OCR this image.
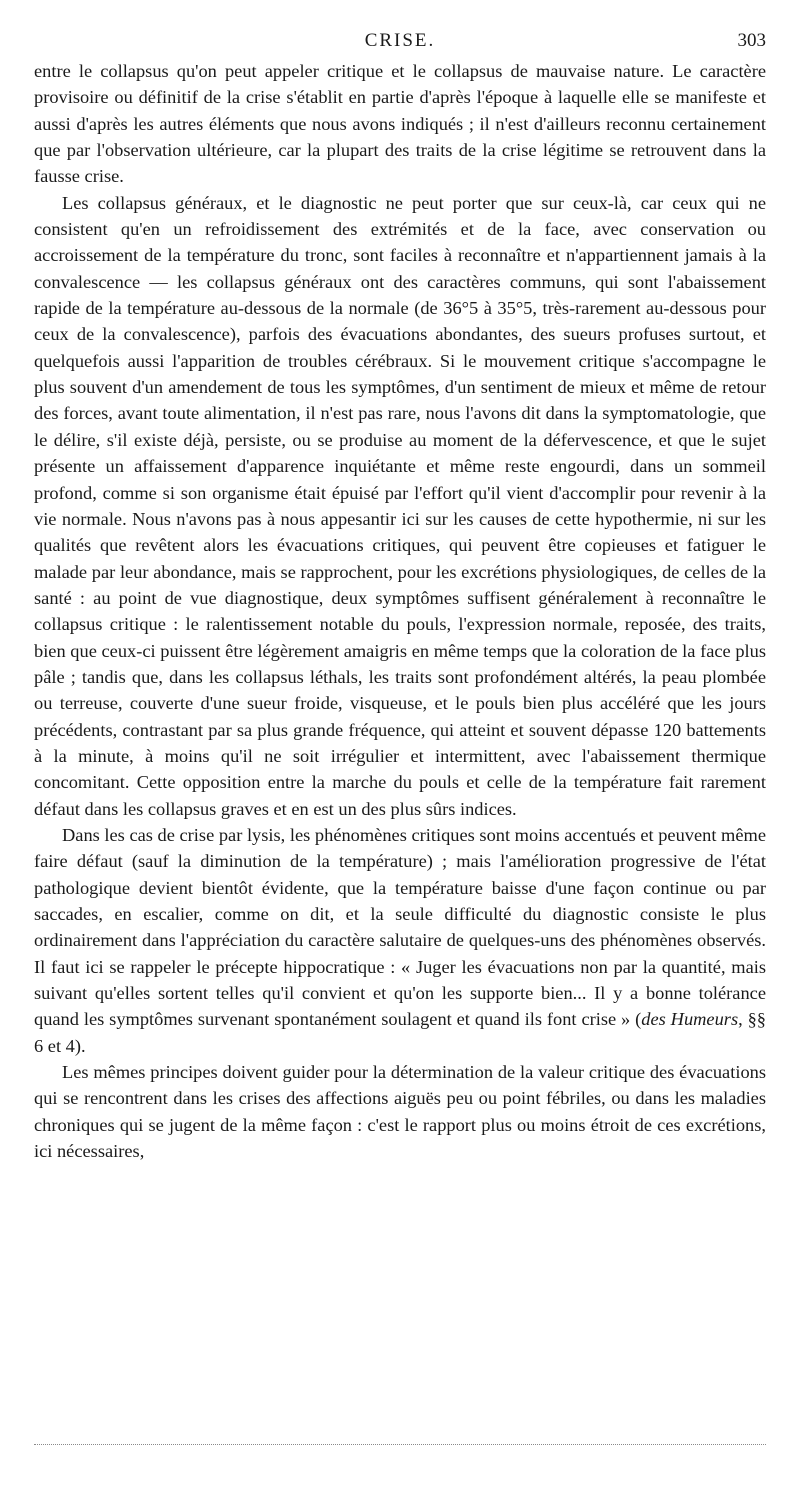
CRISE.	303

entre le collapsus qu'on peut appeler critique et le collapsus de mauvaise nature. Le caractère provisoire ou définitif de la crise s'établit en partie d'après l'époque à laquelle elle se manifeste et aussi d'après les autres éléments que nous avons indiqués ; il n'est d'ailleurs reconnu certainement que par l'observation ultérieure, car la plupart des traits de la crise légitime se retrouvent dans la fausse crise.

Les collapsus généraux, et le diagnostic ne peut porter que sur ceux-là, car ceux qui ne consistent qu'en un refroidissement des extrémités et de la face, avec conservation ou accroissement de la température du tronc, sont faciles à reconnaître et n'appartiennent jamais à la convalescence — les collapsus généraux ont des caractères communs, qui sont l'abaissement rapide de la température au-dessous de la normale (de 36°5 à 35°5, très-rarement au-dessous pour ceux de la convalescence), parfois des évacuations abondantes, des sueurs profuses surtout, et quelquefois aussi l'apparition de troubles cérébraux. Si le mouvement critique s'accompagne le plus souvent d'un amendement de tous les symptômes, d'un sentiment de mieux et même de retour des forces, avant toute alimentation, il n'est pas rare, nous l'avons dit dans la symptomatologie, que le délire, s'il existe déjà, persiste, ou se produise au moment de la défervescence, et que le sujet présente un affaissement d'apparence inquiétante et même reste engourdi, dans un sommeil profond, comme si son organisme était épuisé par l'effort qu'il vient d'accomplir pour revenir à la vie normale. Nous n'avons pas à nous appesantir ici sur les causes de cette hypothermie, ni sur les qualités que revêtent alors les évacuations critiques, qui peuvent être copieuses et fatiguer le malade par leur abondance, mais se rapprochent, pour les excrétions physiologiques, de celles de la santé : au point de vue diagnostique, deux symptômes suffisent généralement à reconnaître le collapsus critique : le ralentissement notable du pouls, l'expression normale, reposée, des traits, bien que ceux-ci puissent être légèrement amaigris en même temps que la coloration de la face plus pâle ; tandis que, dans les collapsus léthals, les traits sont profondément altérés, la peau plombée ou terreuse, couverte d'une sueur froide, visqueuse, et le pouls bien plus accéléré que les jours précédents, contrastant par sa plus grande fréquence, qui atteint et souvent dépasse 120 battements à la minute, à moins qu'il ne soit irrégulier et intermittent, avec l'abaissement thermique concomitant. Cette opposition entre la marche du pouls et celle de la température fait rarement défaut dans les collapsus graves et en est un des plus sûrs indices.

Dans les cas de crise par lysis, les phénomènes critiques sont moins accentués et peuvent même faire défaut (sauf la diminution de la température) ; mais l'amélioration progressive de l'état pathologique devient bientôt évidente, que la température baisse d'une façon continue ou par saccades, en escalier, comme on dit, et la seule difficulté du diagnostic consiste le plus ordinairement dans l'appréciation du caractère salutaire de quelques-uns des phénomènes observés. Il faut ici se rappeler le précepte hippocratique : « Juger les évacuations non par la quantité, mais suivant qu'elles sortent telles qu'il convient et qu'on les supporte bien... Il y a bonne tolérance quand les symptômes survenant spontanément soulagent et quand ils font crise » (des Humeurs, §§ 6 et 4).

Les mêmes principes doivent guider pour la détermination de la valeur critique des évacuations qui se rencontrent dans les crises des affections aiguës peu ou point fébriles, ou dans les maladies chroniques qui se jugent de la même façon : c'est le rapport plus ou moins étroit de ces excrétions, ici nécessaires,
